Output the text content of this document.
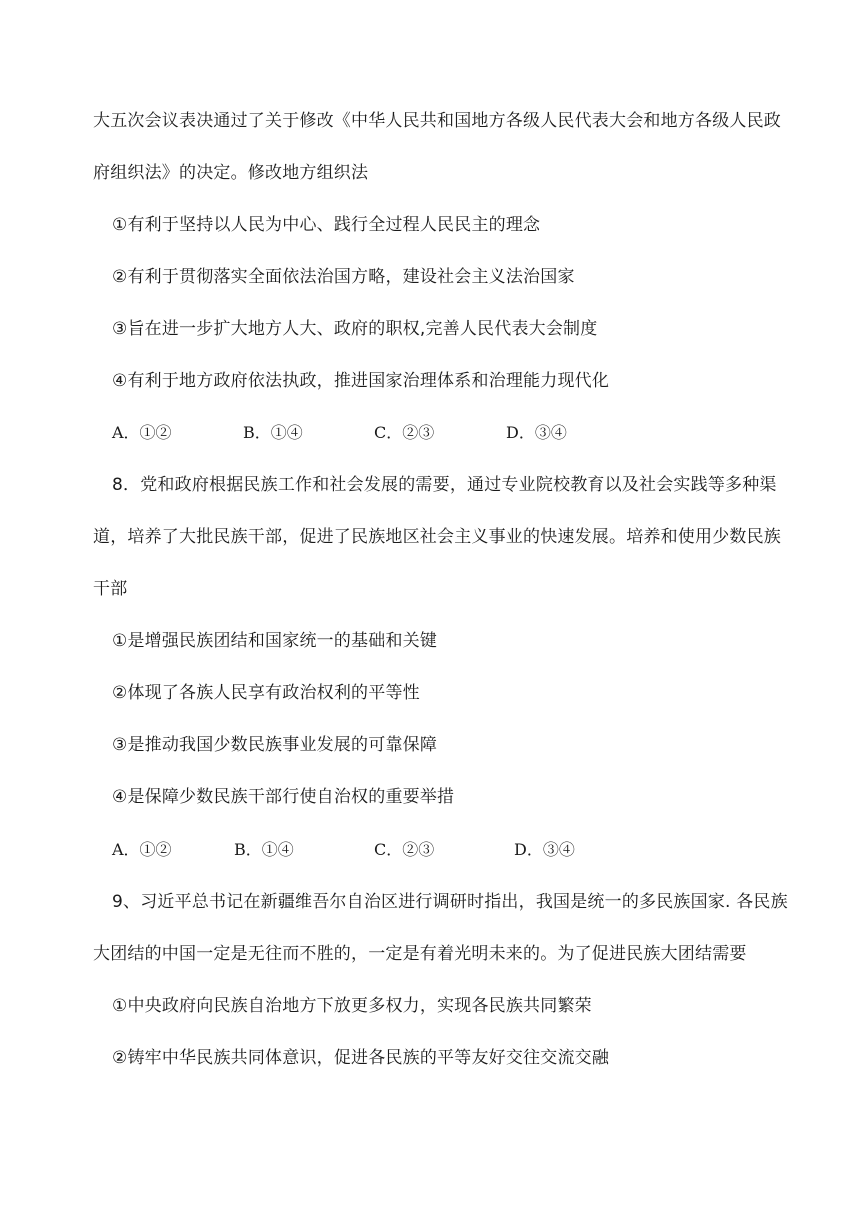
大五次会议表决通过了关于修改《中华人民共和国地方各级人民代表大会和地方各级人民政
府组织法》的决定。修改地方组织法
①有利于坚持以人民为中心、践行全过程人民民主的理念
②有利于贯彻落实全面依法治国方略，建设社会主义法治国家
③旨在进一步扩大地方人大、政府的职权,完善人民代表大会制度
④有利于地方政府依法执政，推进国家治理体系和治理能力现代化
A．①②	B．①④	C．②③	D．③④
8．党和政府根据民族工作和社会发展的需要，通过专业院校教育以及社会实践等多种渠
道，培养了大批民族干部，促进了民族地区社会主义事业的快速发展。培养和使用少数民族
干部
①是增强民族团结和国家统一的基础和关键
②体现了各族人民享有政治权利的平等性
③是推动我国少数民族事业发展的可靠保障
④是保障少数民族干部行使自治权的重要举措
A．①②	B．①④	C．②③	D．③④
9、习近平总书记在新疆维吾尔自治区进行调研时指出，我国是统一的多民族国家. 各民族
大团结的中国一定是无往而不胜的，一定是有着光明未来的。为了促进民族大团结需要
①中央政府向民族自治地方下放更多权力，实现各民族共同繁荣
②铸牢中华民族共同体意识，促进各民族的平等友好交往交流交融
